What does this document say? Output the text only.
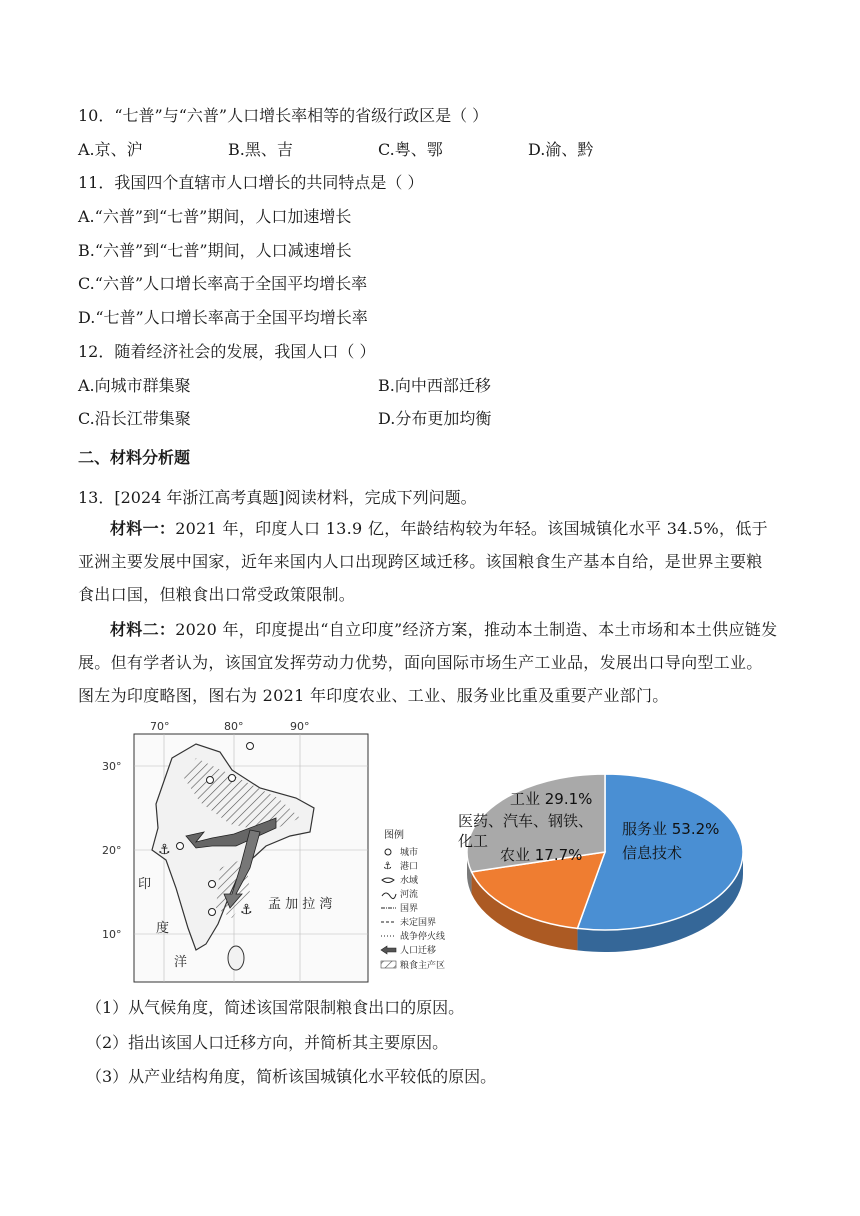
10．“七普”与“六普”人口增长率相等的省级行政区是（ ）
A.京、沪	B.黑、吉	C.粤、鄂	D.渝、黔
11．我国四个直辖市人口增长的共同特点是（ ）
A.“六普”到“七普”期间，人口加速增长
B.“六普”到“七普”期间，人口减速增长
C.“六普”人口增长率高于全国平均增长率
D.“七普”人口增长率高于全国平均增长率
12．随着经济社会的发展，我国人口（ ）
A.向城市群集聚	B.向中西部迁移
C.沿长江带集聚	D.分布更加均衡
二、材料分析题
13．[2024 年浙江高考真题]阅读材料，完成下列问题。
材料一：2021 年，印度人口 13.9 亿，年龄结构较为年轻。该国城镇化水平 34.5%，低于亚洲主要发展中国家，近年来国内人口出现跨区域迁移。该国粮食生产基本自给，是世界主要粮食出口国，但粮食出口常受政策限制。
材料二：2020 年，印度提出“自立印度”经济方案，推动本土制造、本土市场和本土供应链发展。但有学者认为，该国宜发挥劳动力优势，面向国际市场生产工业品，发展出口导向型工业。图左为印度略图，图右为 2021 年印度农业、工业、服务业比重及重要产业部门。
70°	80°	90°
30°
20°
10°
⚓
⚓
印
度
洋
孟 加 拉 湾
图例
城市
⚓ 港口
水域
河流
国界
未定国界
战争停火线
人口迁移
粮食主产区
工业 29.1%
医药、汽车、钢铁、
化工
服务业 53.2%
信息技术
农业 17.7%
（1）从气候角度，简述该国常限制粮食出口的原因。
（2）指出该国人口迁移方向，并简析其主要原因。
（3）从产业结构角度，简析该国城镇化水平较低的原因。
